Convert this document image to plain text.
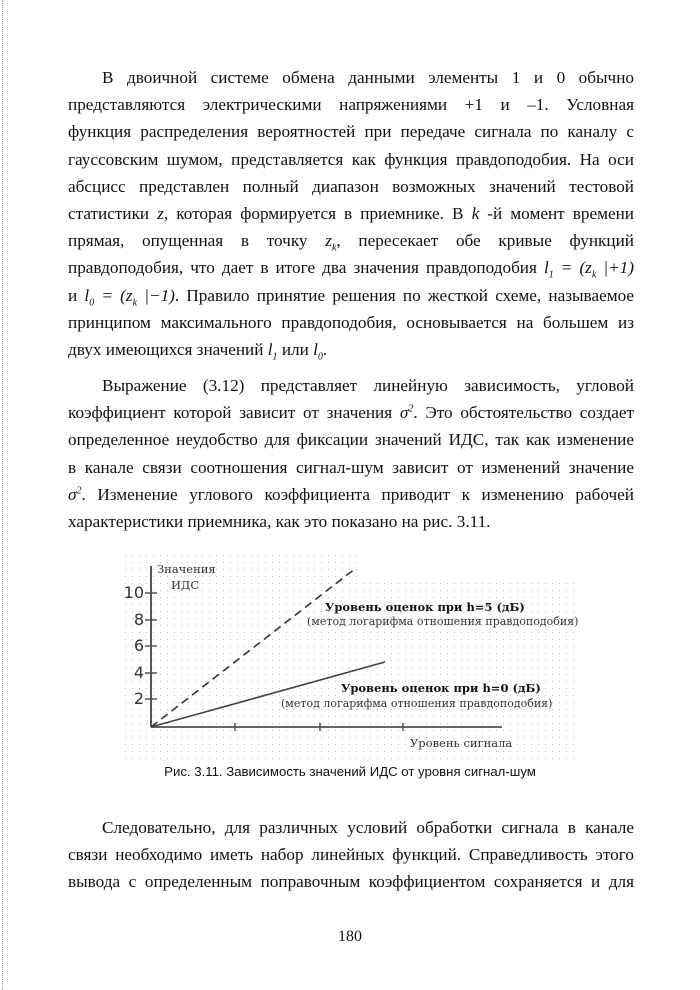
В двоичной системе обмена данными элементы 1 и 0 обычно
представляются электрическими напряжениями +1 и –1. Условная
функция распределения вероятностей при передаче сигнала по каналу с
гауссовским шумом, представляется как функция правдоподобия. На оси
абсцисс представлен полный диапазон возможных значений тестовой
статистики z, которая формируется в приемнике. В k -й момент времени
прямая, опущенная в точку $z_k$, пересекает обе кривые функций
правдоподобия, что дает в итоге два значения правдоподобия $l_1 = (z_k$ |+1)
и $l_0 = (z_k$ |−1). Правило принятие решения по жесткой схеме, называемое
принципом максимального правдоподобия, основывается на большем из
двух имеющихся значений $l_1$ или $l_0$.
Выражение (3.12) представляет линейную зависимость, угловой
коэффициент которой зависит от значения $\sigma^2$. Это обстоятельство создает
определенное неудобство для фиксации значений ИДС, так как изменение
в канале связи соотношения сигнал-шум зависит от изменений значение
$\sigma^2$. Изменение углового коэффициента приводит к изменению рабочей
характеристики приемника, как это показано на рис. 3.11.
Значения
ИДС
10
8
6
4
2
Уровень оценок при h=5 (дБ)
(метод логарифма отношения правдоподобия)
Уровень оценок при h=0 (дБ)
(метод логарифма отношения правдоподобия)
Уровень сигнала
Рис. 3.11. Зависимость значений ИДС от уровня сигнал-шум
Следовательно, для различных условий обработки сигнала в канале
связи необходимо иметь набор линейных функций. Справедливость этого
вывода с определенным поправочным коэффициентом сохраняется и для
180
